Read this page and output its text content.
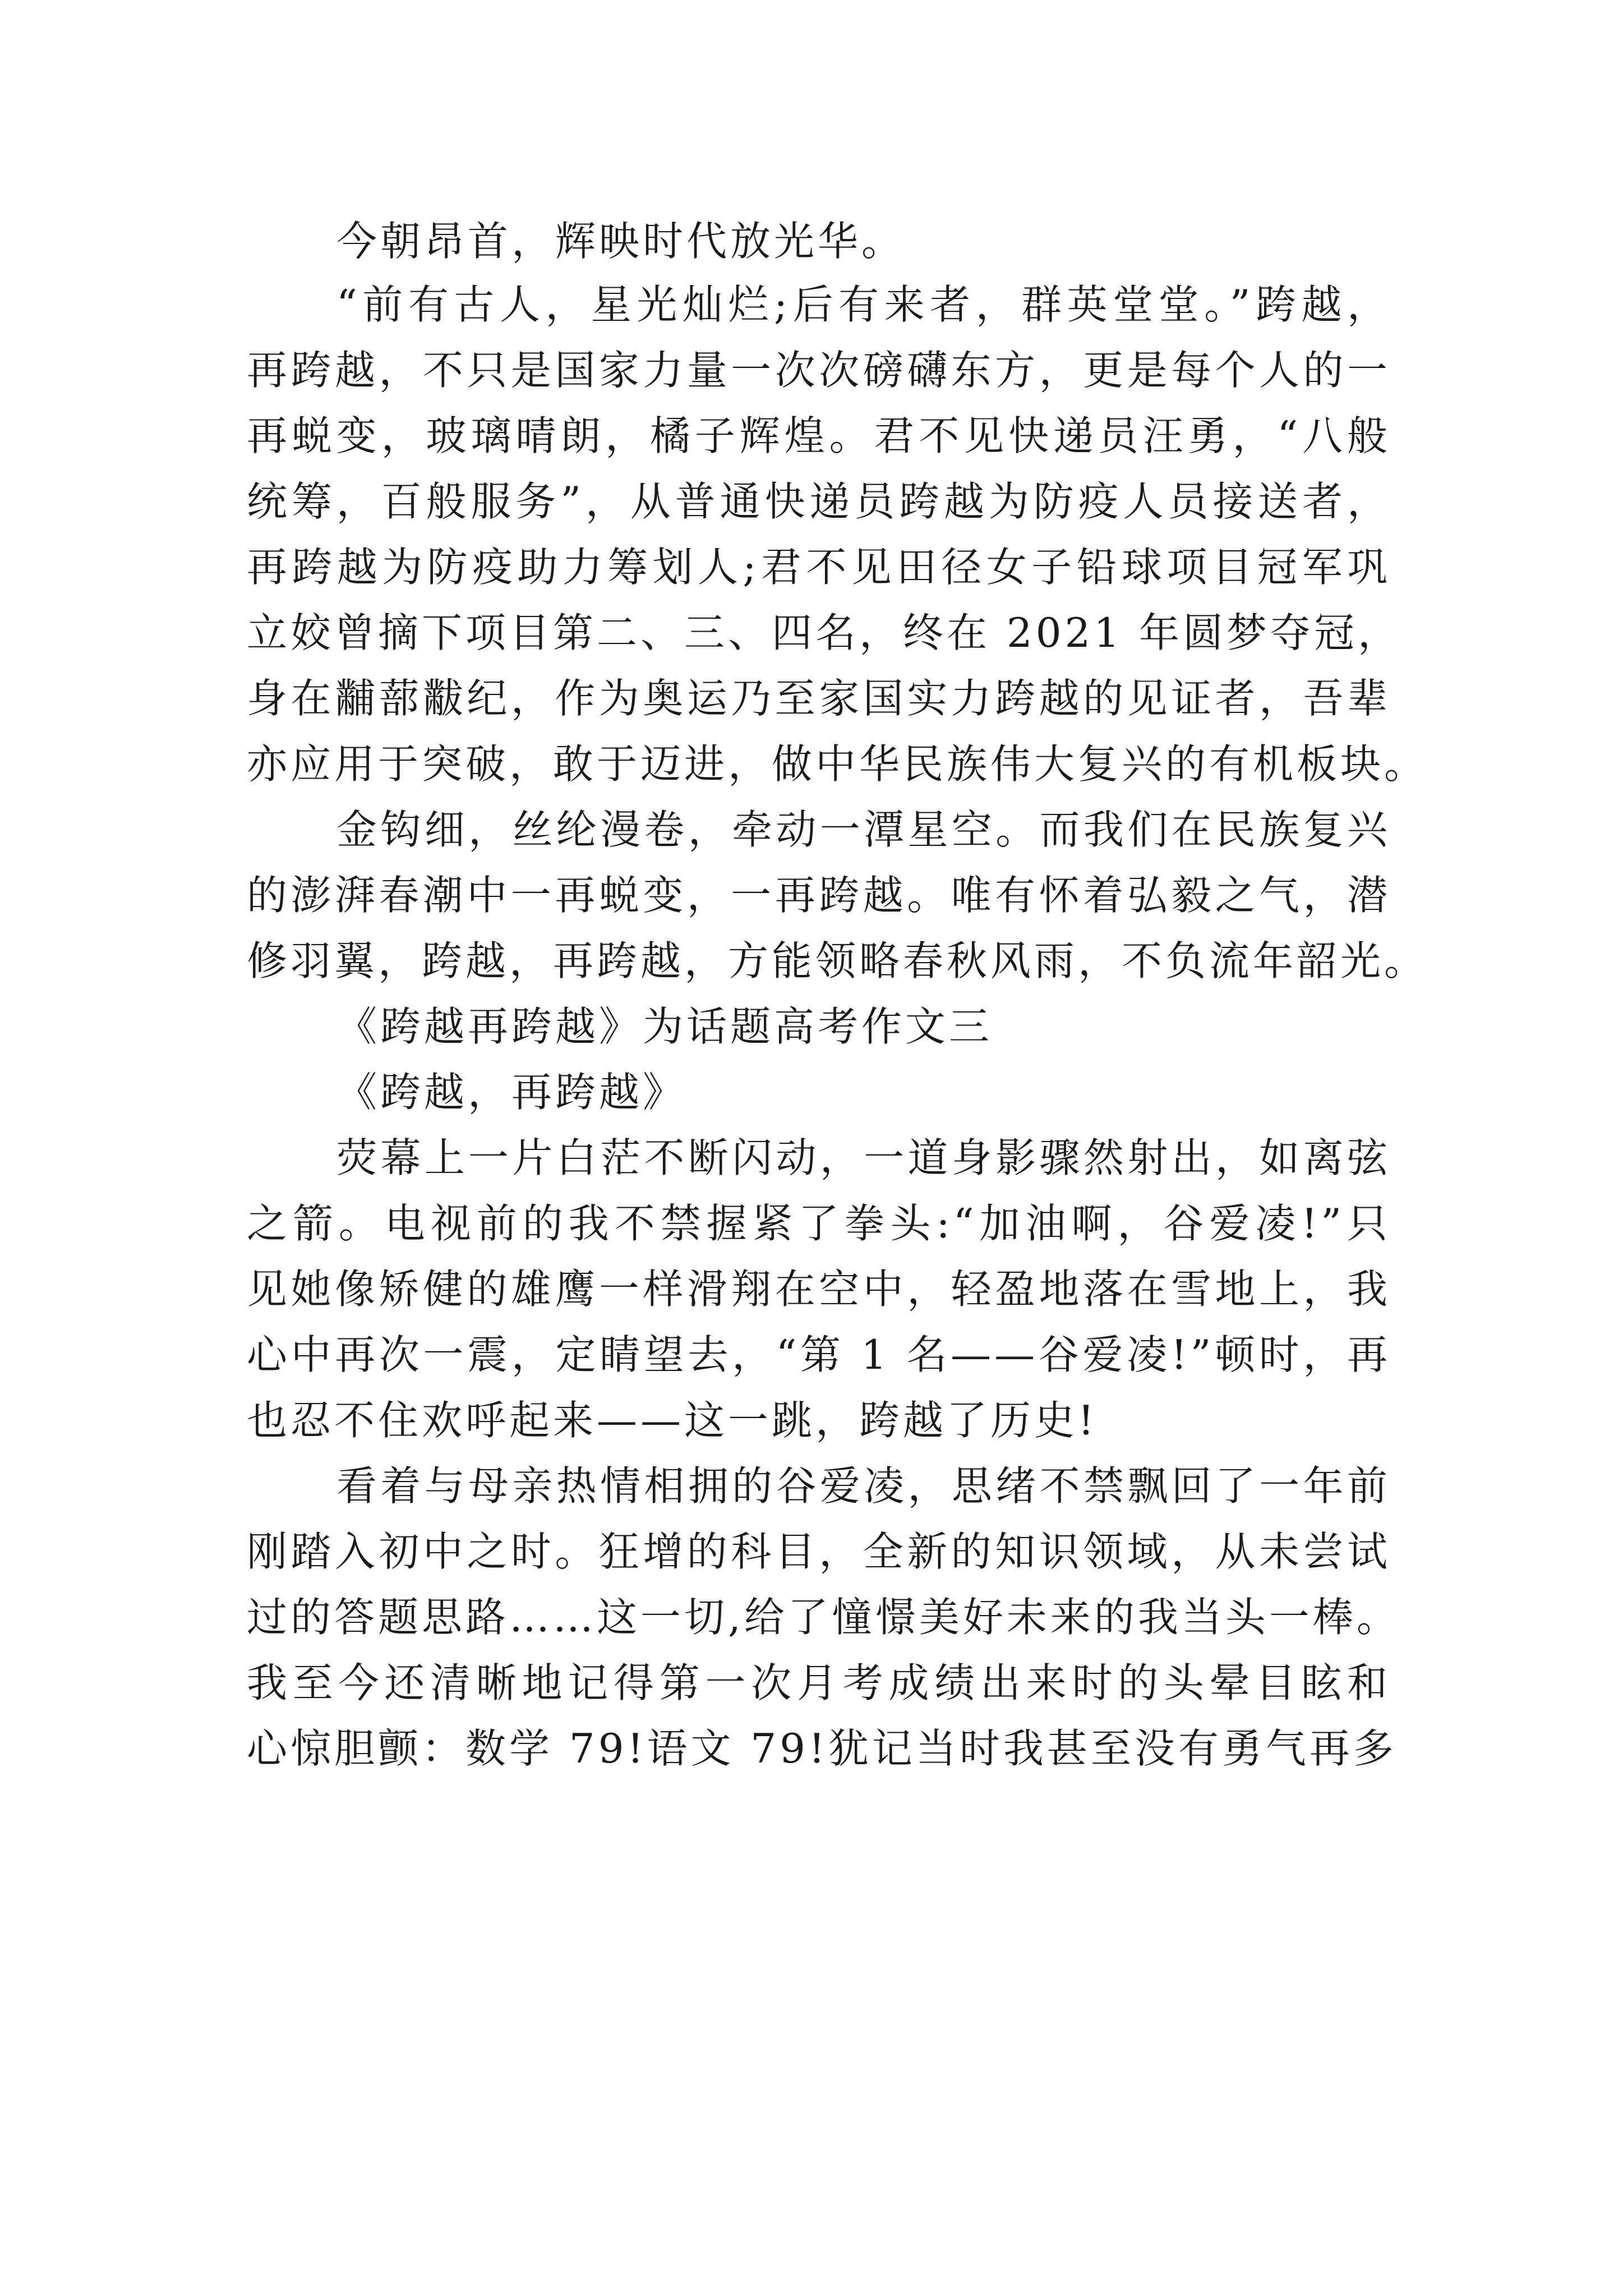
今朝昂首，辉映时代放光华。
“前有古人，星光灿烂;后有来者，群英堂堂。”跨越，
再跨越，不只是国家力量一次次磅礴东方，更是每个人的一
再蜕变，玻璃晴朗，橘子辉煌。君不见快递员汪勇，“八般
统筹，百般服务”，从普通快递员跨越为防疫人员接送者，
再跨越为防疫助力筹划人;君不见田径女子铅球项目冠军巩
立姣曾摘下项目第二、三、四名，终在 2021 年圆梦夺冠，
身在黼蔀黻纪，作为奥运乃至家国实力跨越的见证者，吾辈
亦应用于突破，敢于迈进，做中华民族伟大复兴的有机板块。
金钩细，丝纶漫卷，牵动一潭星空。而我们在民族复兴
的澎湃春潮中一再蜕变，一再跨越。唯有怀着弘毅之气，潜
修羽翼，跨越，再跨越，方能领略春秋风雨，不负流年韶光。
《跨越再跨越》为话题高考作文三
《跨越，再跨越》
荧幕上一片白茫不断闪动，一道身影骤然射出，如离弦
之箭。电视前的我不禁握紧了拳头:“加油啊，谷爱凌!”只
见她像矫健的雄鹰一样滑翔在空中，轻盈地落在雪地上，我
心中再次一震，定睛望去，“第 1 名——谷爱凌!”顿时，再
也忍不住欢呼起来——这一跳，跨越了历史!
看着与母亲热情相拥的谷爱凌，思绪不禁飘回了一年前
刚踏入初中之时。狂增的科目，全新的知识领域，从未尝试
过的答题思路……这一切,给了憧憬美好未来的我当头一棒。
我至今还清晰地记得第一次月考成绩出来时的头晕目眩和
心惊胆颤：数学 79!语文 79!犹记当时我甚至没有勇气再多
